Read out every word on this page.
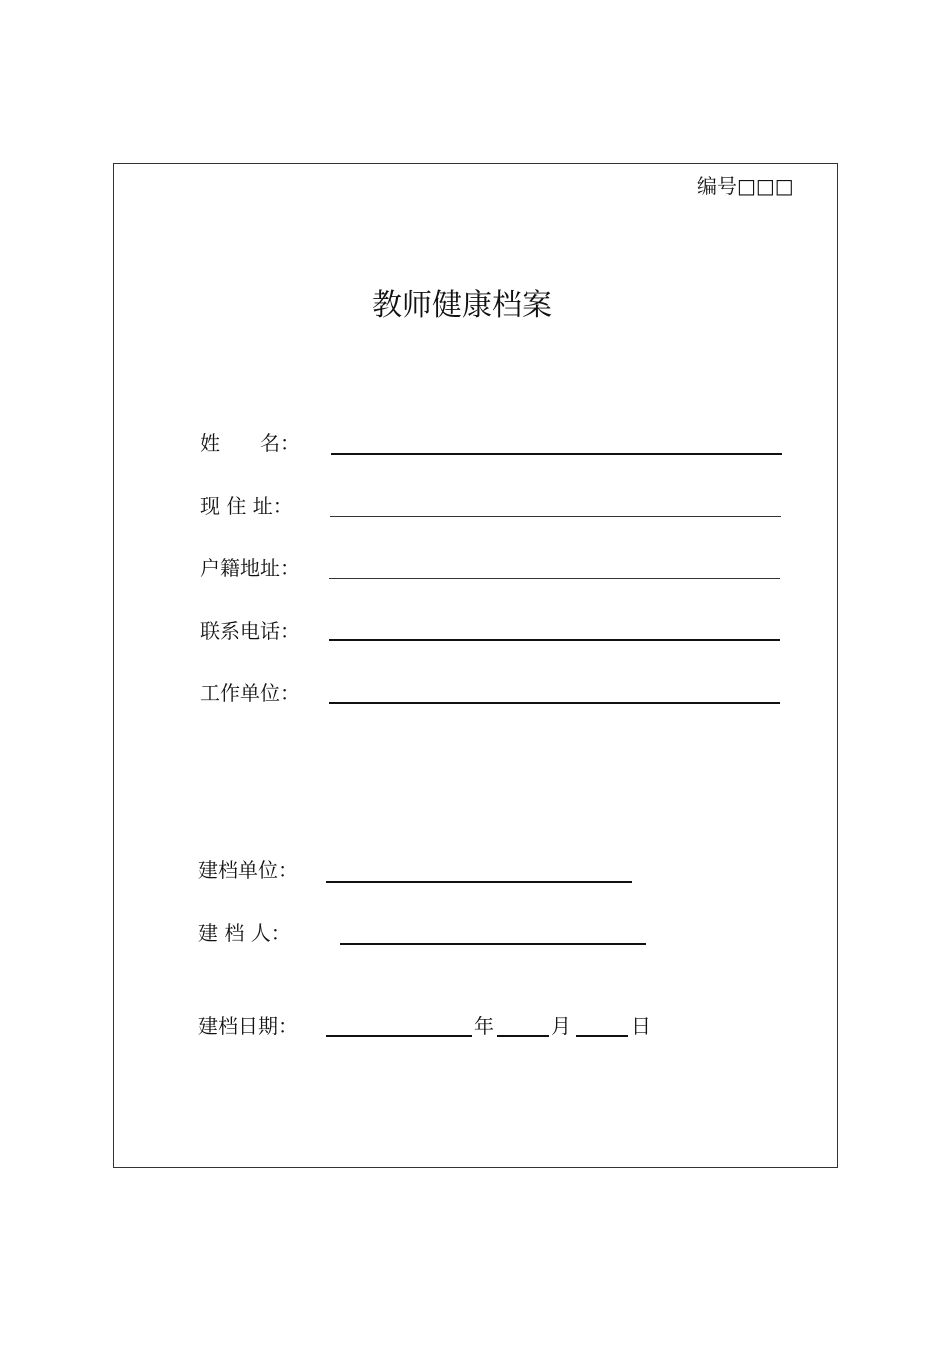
编号□□□
教师健康档案
姓　　名：
现 住 址：
户籍地址：
联系电话：
工作单位：
建档单位：
建 档 人：
建档日期：	年	月	日
